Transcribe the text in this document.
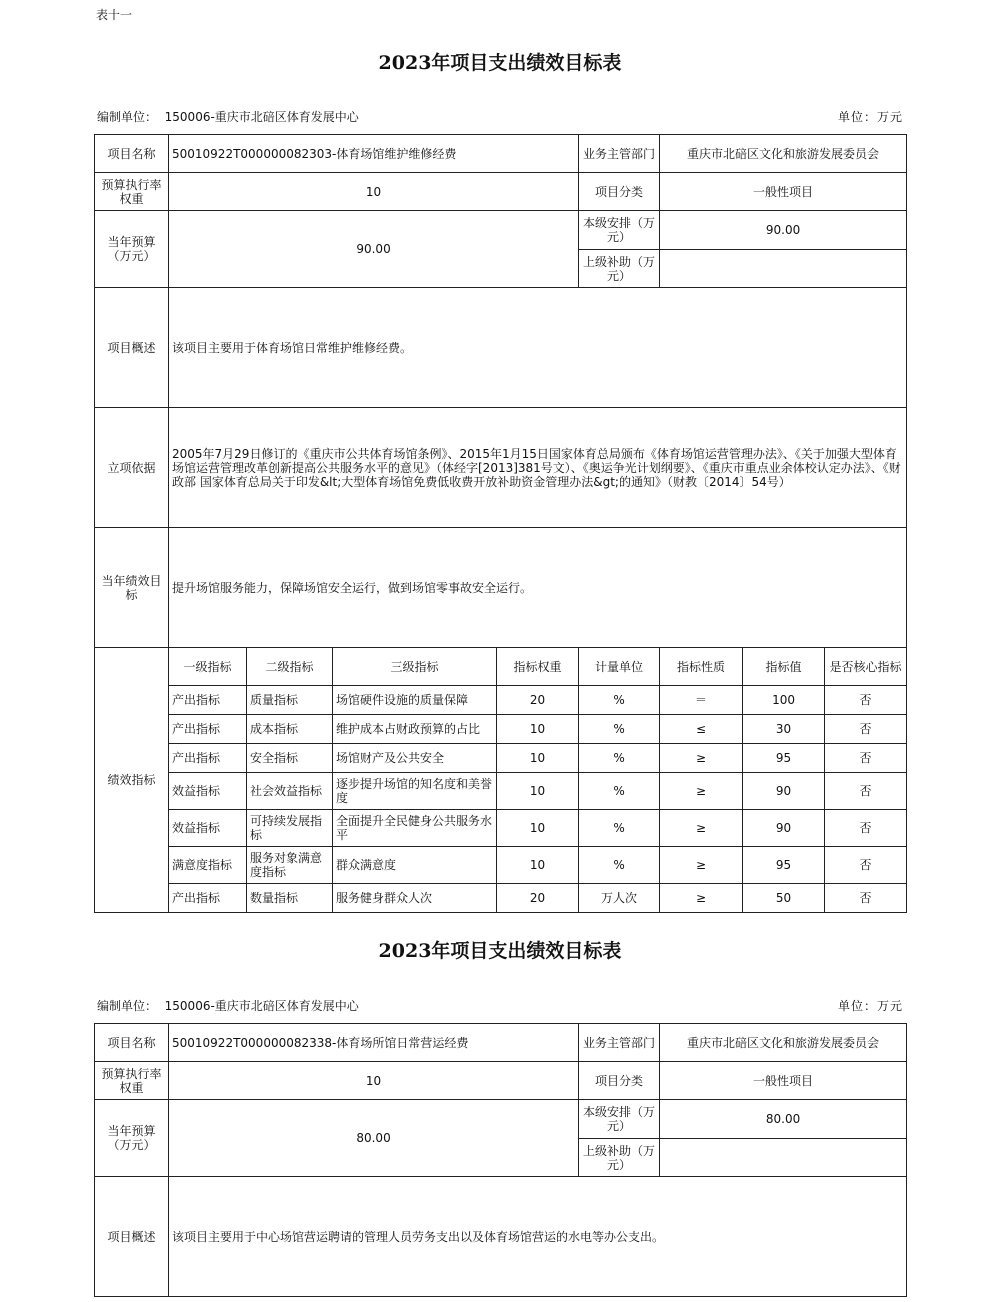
表十一
2023年项目支出绩效目标表
编制单位： 150006-重庆市北碚区体育发展中心	单位：万元
项目名称	50010922T000000082303-体育场馆维护维修经费				业务主管部门	重庆市北碚区文化和旅游发展委员会		
预算执行率权重	10				项目分类	一般性项目		
当年预算（万元）	90.00				本级安排（万元）	90.00		
					上级补助（万元）			
项目概述	该项目主要用于体育场馆日常维护维修经费。							
立项依据	2005年7月29日修订的《重庆市公共体育场馆条例》、2015年1月15日国家体育总局颁布《体育场馆运营管理办法》、《关于加强大型体育场馆运营管理改革创新提高公共服务水平的意见》（体经字[2013]381号文）、《奥运争光计划纲要》、《重庆市重点业余体校认定办法》、《财政部 国家体育总局关于印发&lt;大型体育场馆免费低收费开放补助资金管理办法&gt;的通知》（财教〔2014〕54号）							
当年绩效目标	提升场馆服务能力，保障场馆安全运行，做到场馆零事故安全运行。							
绩效指标	一级指标	二级指标	三级指标	指标权重	计量单位	指标性质	指标值	是否核心指标
	产出指标	质量指标	场馆硬件设施的质量保障	20	%	＝	100	否
	产出指标	成本指标	维护成本占财政预算的占比	10	%	≤	30	否
	产出指标	安全指标	场馆财产及公共安全	10	%	≥	95	否
	效益指标	社会效益指标	逐步提升场馆的知名度和美誉度	10	%	≥	90	否
	效益指标	可持续发展指标	全面提升全民健身公共服务水平	10	%	≥	90	否
	满意度指标	服务对象满意度指标	群众满意度	10	%	≥	95	否
	产出指标	数量指标	服务健身群众人次	20	万人次	≥	50	否
2023年项目支出绩效目标表
编制单位： 150006-重庆市北碚区体育发展中心	单位：万元
项目名称	50010922T000000082338-体育场所馆日常营运经费	业务主管部门	重庆市北碚区文化和旅游发展委员会
预算执行率权重	10	项目分类	一般性项目
当年预算（万元）	80.00	本级安排（万元）	80.00
		上级补助（万元）	
项目概述	该项目主要用于中心场馆营运聘请的管理人员劳务支出以及体育场馆营运的水电等办公支出。		
